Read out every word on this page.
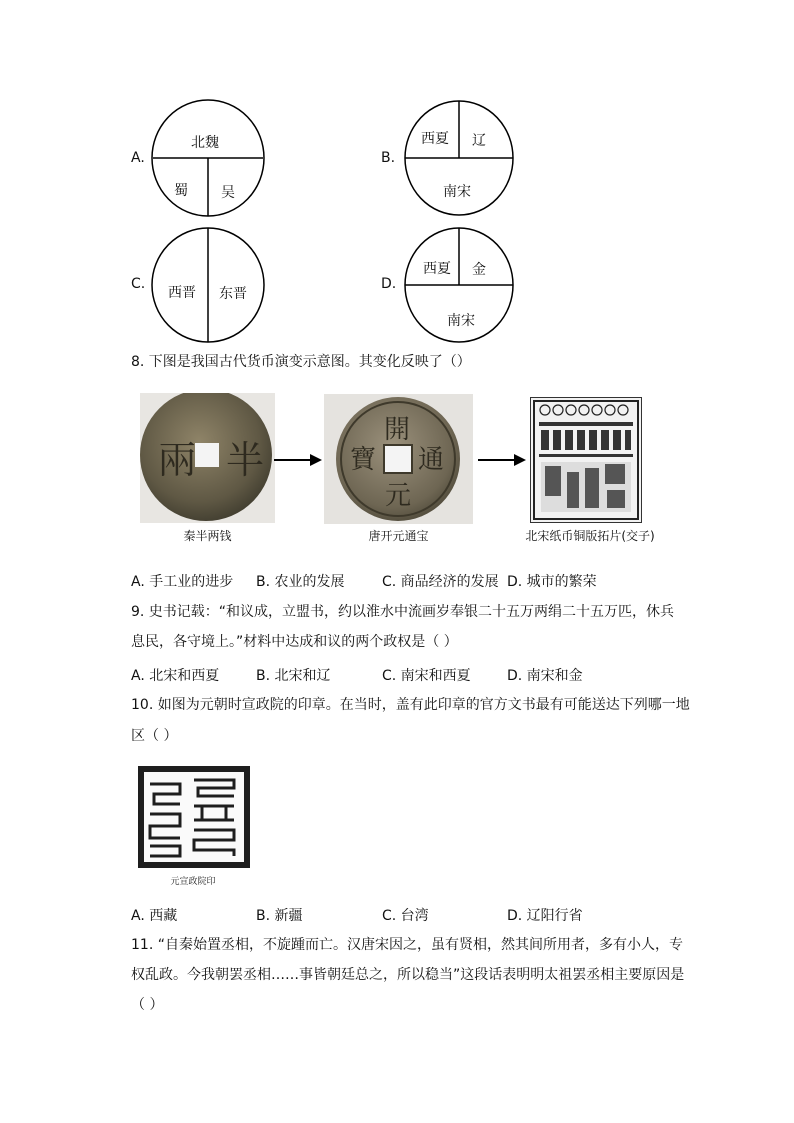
A.
北魏
蜀 吴
B.
西夏 辽
南宋
C.
西晋 东晋
D.
西夏 金
南宋
8. 下图是我国古代货币演变示意图。其变化反映了（）
兩 半
秦半两钱
開
通
元
寶
唐开元通宝	北宋纸币铜版拓片(交子)
A. 手工业的进步 B. 农业的发展	C. 商品经济的发展 D. 城市的繁荣
9. 史书记载：“和议成，立盟书，约以淮水中流画岁奉银二十五万两绢二十五万匹，休兵
息民，各守境上。”材料中达成和议的两个政权是（ ）
A. 北宋和西夏	B. 北宋和辽	C. 南宋和西夏	D. 南宋和金
10. 如图为元朝时宣政院的印章。在当时，盖有此印章的官方文书最有可能送达下列哪一地
区（ ）
元宣政院印
A. 西藏	B. 新疆	C. 台湾	D. 辽阳行省
11. “自秦始置丞相，不旋踵而亡。汉唐宋因之，虽有贤相，然其间所用者，多有小人，专
权乱政。今我朝罢丞相……事皆朝廷总之，所以稳当”这段话表明明太祖罢丞相主要原因是
（ ）
